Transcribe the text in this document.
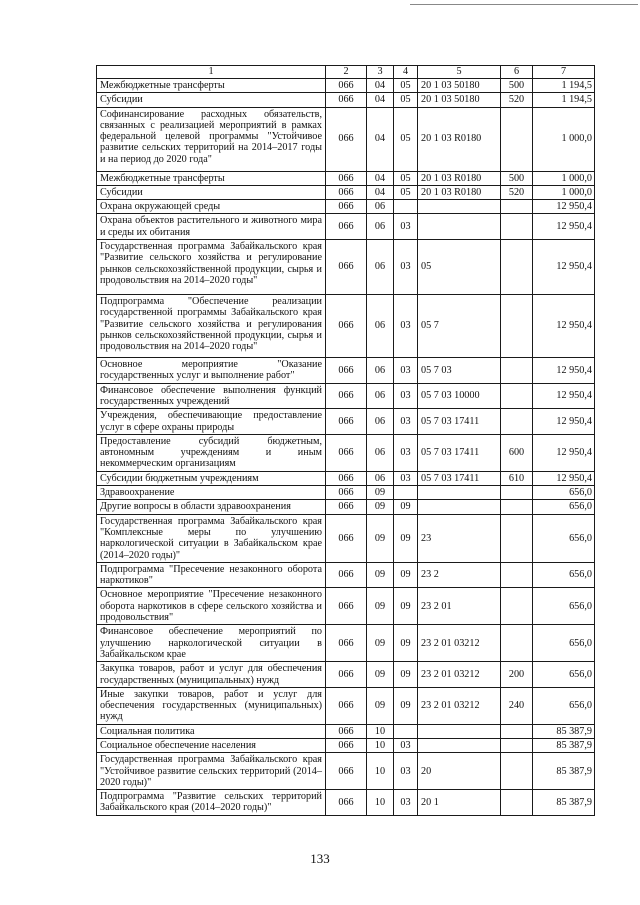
1	2	3	4	5	6	7
Межбюджетные трансферты	066	04	05	20 1 03 50180	500	1 194,5
Субсидии	066	04	05	20 1 03 50180	520	1 194,5
Софинансирование расходных обязательств, связанных с реализацией мероприятий в рамках федеральной целевой программы "Устойчивое развитие сельских территорий на 2014–2017 годы и на период до 2020 года"	066	04	05	20 1 03 R0180		1 000,0
Межбюджетные трансферты	066	04	05	20 1 03 R0180	500	1 000,0
Субсидии	066	04	05	20 1 03 R0180	520	1 000,0
Охрана окружающей среды	066	06				12 950,4
Охрана объектов растительного и животного мира и среды их обитания	066	06	03			12 950,4
Государственная программа Забайкальского края "Развитие сельского хозяйства и регулирование рынков сельскохозяйственной продукции, сырья и продовольствия на 2014–2020 годы"	066	06	03	05		12 950,4
Подпрограмма "Обеспечение реализации государственной программы Забайкальского края "Развитие сельского хозяйства и регулирования рынков сельскохозяйственной продукции, сырья и продовольствия на 2014–2020 годы"	066	06	03	05 7		12 950,4
Основное мероприятие "Оказание государственных услуг и выполнение работ"	066	06	03	05 7 03		12 950,4
Финансовое обеспечение выполнения функций государственных учреждений	066	06	03	05 7 03 10000		12 950,4
Учреждения, обеспечивающие предоставление услуг в сфере охраны природы	066	06	03	05 7 03 17411		12 950,4
Предоставление субсидий бюджетным, автономным учреждениям и иным некоммерческим организациям	066	06	03	05 7 03 17411	600	12 950,4
Субсидии бюджетным учреждениям	066	06	03	05 7 03 17411	610	12 950,4
Здравоохранение	066	09				656,0
Другие вопросы в области здравоохранения	066	09	09			656,0
Государственная программа Забайкальского края "Комплексные меры по улучшению наркологической ситуации в Забайкальском крае (2014–2020 годы)"	066	09	09	23		656,0
Подпрограмма "Пресечение незаконного оборота наркотиков"	066	09	09	23 2		656,0
Основное мероприятие "Пресечение незаконного оборота наркотиков в сфере сельского хозяйства и продовольствия"	066	09	09	23 2 01		656,0
Финансовое обеспечение мероприятий по улучшению наркологической ситуации в Забайкальском крае	066	09	09	23 2 01 03212		656,0
Закупка товаров, работ и услуг для обеспечения государственных (муниципальных) нужд	066	09	09	23 2 01 03212	200	656,0
Иные закупки товаров, работ и услуг для обеспечения государственных (муниципальных) нужд	066	09	09	23 2 01 03212	240	656,0
Социальная политика	066	10				85 387,9
Социальное обеспечение населения	066	10	03			85 387,9
Государственная программа Забайкальского края "Устойчивое развитие сельских территорий (2014–2020 годы)"	066	10	03	20		85 387,9
Подпрограмма "Развитие сельских территорий Забайкальского края (2014–2020 годы)"	066	10	03	20 1		85 387,9
133
